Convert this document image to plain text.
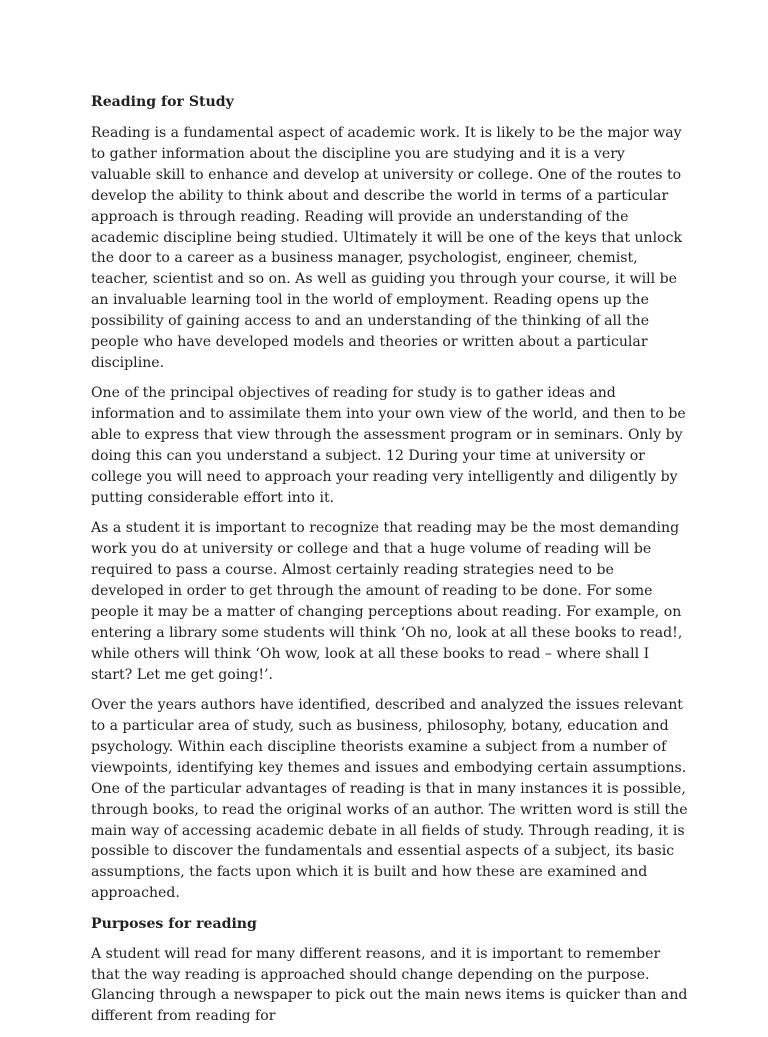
Reading for Study

Reading is a fundamental aspect of academic work. It is likely to be the major way to gather information about the discipline you are studying and it is a very valuable skill to enhance and develop at university or college. One of the routes to develop the ability to think about and describe the world in terms of a particular approach is through reading. Reading will provide an understanding of the academic discipline being studied. Ultimately it will be one of the keys that unlock the door to a career as a business manager, psychologist, engineer, chemist, teacher, scientist and so on. As well as guiding you through your course, it will be an invaluable learning tool in the world of employment. Reading opens up the possibility of gaining access to and an understanding of the thinking of all the people who have developed models and theories or written about a particular discipline.

One of the principal objectives of reading for study is to gather ideas and information and to assimilate them into your own view of the world, and then to be able to express that view through the assessment program or in seminars. Only by doing this can you understand a subject. 12 During your time at university or college you will need to approach your reading very intelligently and diligently by putting considerable effort into it.

As a student it is important to recognize that reading may be the most demanding work you do at university or college and that a huge volume of reading will be required to pass a course. Almost certainly reading strategies need to be developed in order to get through the amount of reading to be done. For some people it may be a matter of changing perceptions about reading. For example, on entering a library some students will think ‘Oh no, look at all these books to read!, while others will think ‘Oh wow, look at all these books to read – where shall I start? Let me get going!’.

Over the years authors have identified, described and analyzed the issues relevant to a particular area of study, such as business, philosophy, botany, education and psychology. Within each discipline theorists examine a subject from a number of viewpoints, identifying key themes and issues and embodying certain assumptions. One of the particular advantages of reading is that in many instances it is possible, through books, to read the original works of an author. The written word is still the main way of accessing academic debate in all fields of study. Through reading, it is possible to discover the fundamentals and essential aspects of a subject, its basic assumptions, the facts upon which it is built and how these are examined and approached.

Purposes for reading

A student will read for many different reasons, and it is important to remember that the way reading is approached should change depending on the purpose. Glancing through a newspaper to pick out the main news items is quicker than and different from reading for
